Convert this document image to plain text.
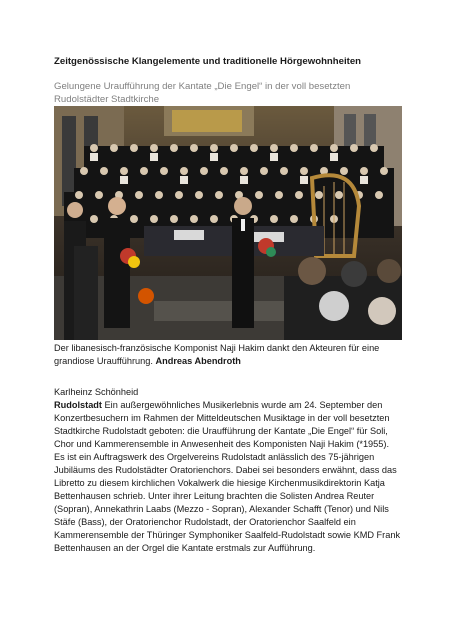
Zeitgenössische Klangelemente und traditionelle Hörgewohnheiten
Gelungene Uraufführung der Kantate „Die Engel“ in der voll besetzten Rudolstädter Stadtkirche
Der libanesisch-französische Komponist Naji Hakim dankt den Akteuren für eine grandiose Uraufführung. Andreas Abendroth
Karlheinz Schönheid

Rudolstadt Ein außergewöhnliches Musikerlebnis wurde am 24. September den Konzertbesuchern im Rahmen der Mitteldeutschen Musiktage in der voll besetzten Stadtkirche Rudolstadt geboten: die Uraufführung der Kantate „Die Engel“ für Soli, Chor und Kammerensemble in Anwesenheit des Komponisten Naji Hakim (*1955).

Es ist ein Auftragswerk des Orgelvereins Rudolstadt anlässlich des 75-jährigen Jubiläums des Rudolstädter Oratorienchors. Dabei sei besonders erwähnt, dass das Libretto zu diesem kirchlichen Vokalwerk die hiesige Kirchenmusikdirektorin Katja Bettenhausen schrieb. Unter ihrer Leitung brachten die Solisten Andrea Reuter (Sopran), Annekathrin Laabs (Mezzo - Sopran), Alexander Schafft (Tenor) und Nils Stäfe (Bass), der Oratorienchor Rudolstadt, der Oratorienchor Saalfeld ein Kammerensemble der Thüringer Symphoniker Saalfeld-Rudolstadt sowie KMD Frank Bettenhausen an der Orgel die Kantate erstmals zur Aufführung.
